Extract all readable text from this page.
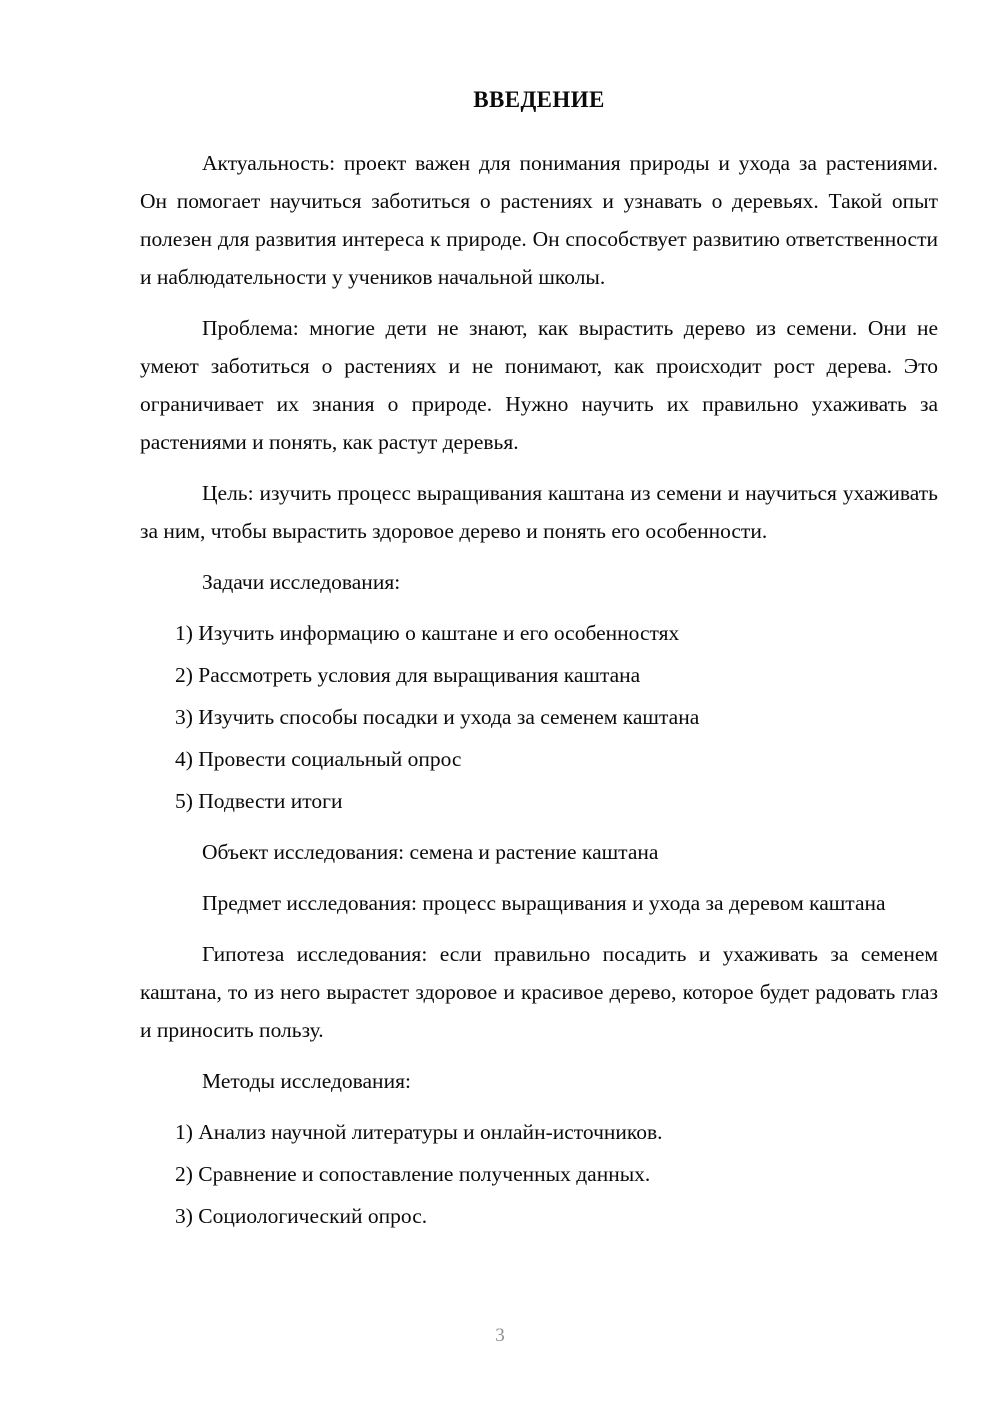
ВВЕДЕНИЕ

Актуальность: проект важен для понимания природы и ухода за растениями. Он помогает научиться заботиться о растениях и узнавать о деревьях. Такой опыт полезен для развития интереса к природе. Он способствует развитию ответственности и наблюдательности у учеников начальной школы.

Проблема: многие дети не знают, как вырастить дерево из семени. Они не умеют заботиться о растениях и не понимают, как происходит рост дерева. Это ограничивает их знания о природе. Нужно научить их правильно ухаживать за растениями и понять, как растут деревья.

Цель: изучить процесс выращивания каштана из семени и научиться ухаживать за ним, чтобы вырастить здоровое дерево и понять его особенности.

Задачи исследования:

1) Изучить информацию о каштане и его особенностях
2) Рассмотреть условия для выращивания каштана
3) Изучить способы посадки и ухода за семенем каштана
4) Провести социальный опрос
5) Подвести итоги

Объект исследования: семена и растение каштана

Предмет исследования: процесс выращивания и ухода за деревом каштана

Гипотеза исследования: если правильно посадить и ухаживать за семенем каштана, то из него вырастет здоровое и красивое дерево, которое будет радовать глаз и приносить пользу.

Методы исследования:

1) Анализ научной литературы и онлайн-источников.
2) Сравнение и сопоставление полученных данных.
3) Социологический опрос.
3
